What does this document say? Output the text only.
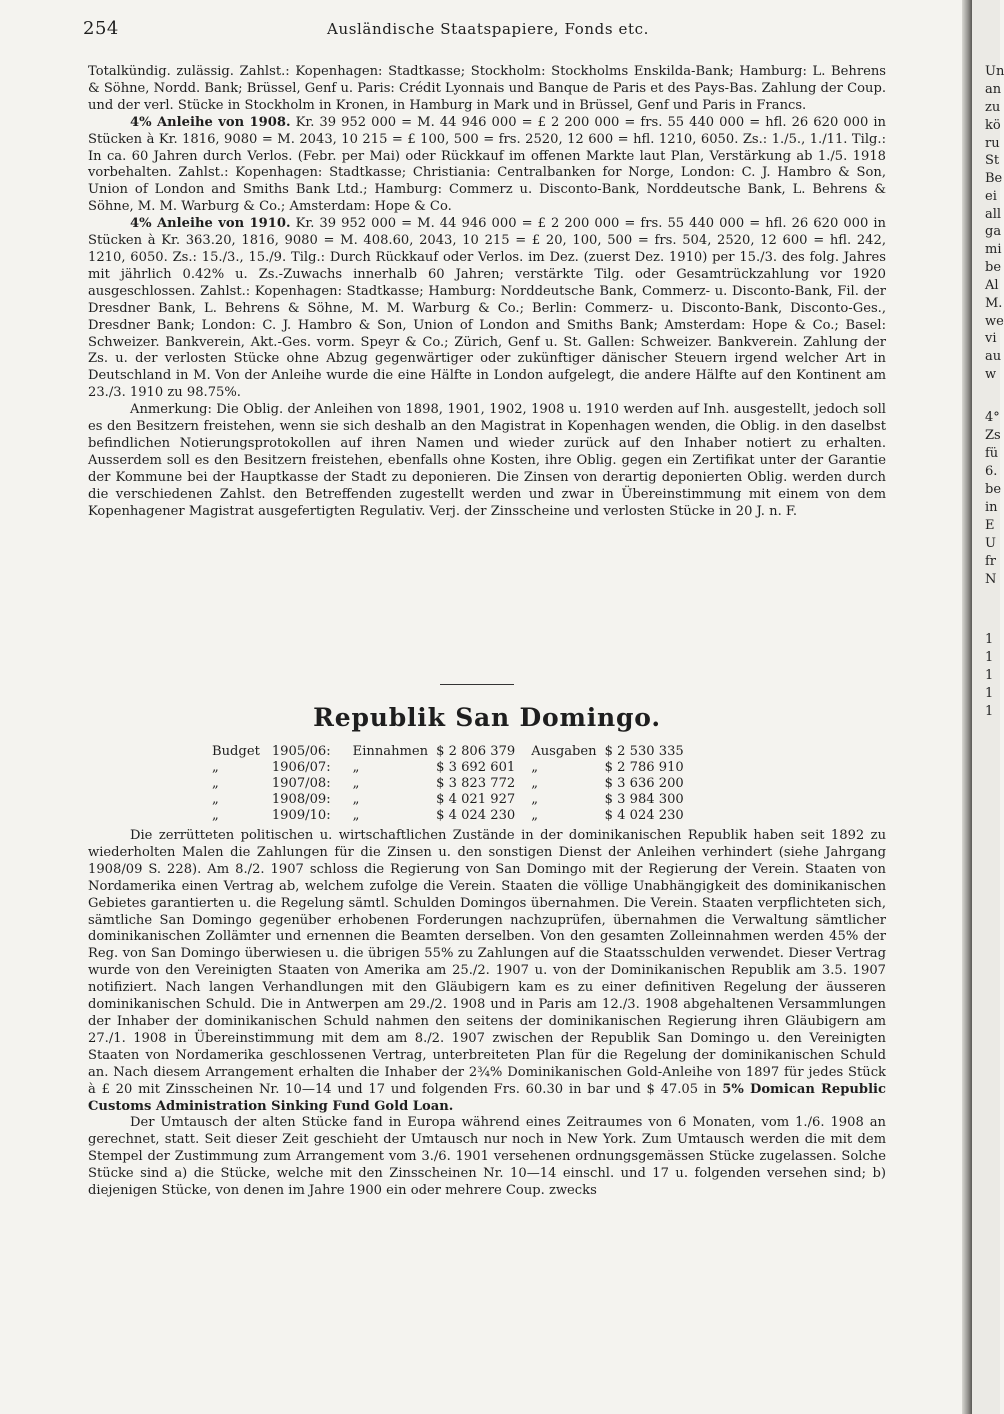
254	Ausländische Staatspapiere, Fonds etc.

Totalkündig. zulässig. Zahlst.: Kopenhagen: Stadtkasse; Stockholm: Stockholms Enskilda-Bank; Hamburg: L. Behrens & Söhne, Nordd. Bank; Brüssel, Genf u. Paris: Crédit Lyonnais und Banque de Paris et des Pays-Bas. Zahlung der Coup. und der verl. Stücke in Stockholm in Kronen, in Hamburg in Mark und in Brüssel, Genf und Paris in Francs.

4% Anleihe von 1908. Kr. 39 952 000 = M. 44 946 000 = £ 2 200 000 = frs. 55 440 000 = hfl. 26 620 000 in Stücken à Kr. 1816, 9080 = M. 2043, 10 215 = £ 100, 500 = frs. 2520, 12 600 = hfl. 1210, 6050. Zs.: 1./5., 1./11. Tilg.: In ca. 60 Jahren durch Verlos. (Febr. per Mai) oder Rückkauf im offenen Markte laut Plan, Verstärkung ab 1./5. 1918 vorbehalten. Zahlst.: Kopenhagen: Stadtkasse; Christiania: Centralbanken for Norge, London: C. J. Hambro & Son, Union of London and Smiths Bank Ltd.; Hamburg: Commerz u. Disconto-Bank, Norddeutsche Bank, L. Behrens & Söhne, M. M. Warburg & Co.; Amsterdam: Hope & Co.

4% Anleihe von 1910. Kr. 39 952 000 = M. 44 946 000 = £ 2 200 000 = frs. 55 440 000 = hfl. 26 620 000 in Stücken à Kr. 363.20, 1816, 9080 = M. 408.60, 2043, 10 215 = £ 20, 100, 500 = frs. 504, 2520, 12 600 = hfl. 242, 1210, 6050. Zs.: 15./3., 15./9. Tilg.: Durch Rückkauf oder Verlos. im Dez. (zuerst Dez. 1910) per 15./3. des folg. Jahres mit jährlich 0.42% u. Zs.-Zuwachs innerhalb 60 Jahren; verstärkte Tilg. oder Gesamtrückzahlung vor 1920 ausgeschlossen. Zahlst.: Kopenhagen: Stadtkasse; Hamburg: Norddeutsche Bank, Commerz- u. Disconto-Bank, Fil. der Dresdner Bank, L. Behrens & Söhne, M. M. Warburg & Co.; Berlin: Commerz- u. Disconto-Bank, Disconto-Ges., Dresdner Bank; London: C. J. Hambro & Son, Union of London and Smiths Bank; Amsterdam: Hope & Co.; Basel: Schweizer. Bankverein, Akt.-Ges. vorm. Speyr & Co.; Zürich, Genf u. St. Gallen: Schweizer. Bankverein. Zahlung der Zs. u. der verlosten Stücke ohne Abzug gegenwärtiger oder zukünftiger dänischer Steuern irgend welcher Art in Deutschland in M. Von der Anleihe wurde die eine Hälfte in London aufgelegt, die andere Hälfte auf den Kontinent am 23./3. 1910 zu 98.75%.

Anmerkung: Die Oblig. der Anleihen von 1898, 1901, 1902, 1908 u. 1910 werden auf Inh. ausgestellt, jedoch soll es den Besitzern freistehen, wenn sie sich deshalb an den Magistrat in Kopenhagen wenden, die Oblig. in den daselbst befindlichen Notierungsprotokollen auf ihren Namen und wieder zurück auf den Inhaber notiert zu erhalten. Ausserdem soll es den Besitzern freistehen, ebenfalls ohne Kosten, ihre Oblig. gegen ein Zertifikat unter der Garantie der Kommune bei der Hauptkasse der Stadt zu deponieren. Die Zinsen von derartig deponierten Oblig. werden durch die verschiedenen Zahlst. den Betreffenden zugestellt werden und zwar in Übereinstimmung mit einem von dem Kopenhagener Magistrat ausgefertigten Regulativ. Verj. der Zinsscheine und verlosten Stücke in 20 J. n. F.

Republik San Domingo.
Budget	1905/06:	Einnahmen	$ 2 806 379	Ausgaben	$ 2 530 335
„	1906/07:	„	$ 3 692 601	„	$ 2 786 910
„	1907/08:	„	$ 3 823 772	„	$ 3 636 200
„	1908/09:	„	$ 4 021 927	„	$ 3 984 300
„	1909/10:	„	$ 4 024 230	„	$ 4 024 230

Die zerrütteten politischen u. wirtschaftlichen Zustände in der dominikanischen Republik haben seit 1892 zu wiederholten Malen die Zahlungen für die Zinsen u. den sonstigen Dienst der Anleihen verhindert (siehe Jahrgang 1908/09 S. 228). Am 8./2. 1907 schloss die Regierung von San Domingo mit der Regierung der Verein. Staaten von Nordamerika einen Vertrag ab, welchem zufolge die Verein. Staaten die völlige Unabhängigkeit des dominikanischen Gebietes garantierten u. die Regelung sämtl. Schulden Domingos übernahmen. Die Verein. Staaten verpflichteten sich, sämtliche San Domingo gegenüber erhobenen Forderungen nachzuprüfen, übernahmen die Verwaltung sämtlicher dominikanischen Zollämter und ernennen die Beamten derselben. Von den gesamten Zolleinnahmen werden 45% der Reg. von San Domingo überwiesen u. die übrigen 55% zu Zahlungen auf die Staatsschulden verwendet. Dieser Vertrag wurde von den Vereinigten Staaten von Amerika am 25./2. 1907 u. von der Dominikanischen Republik am 3.5. 1907 notifiziert. Nach langen Verhandlungen mit den Gläubigern kam es zu einer definitiven Regelung der äusseren dominikanischen Schuld. Die in Antwerpen am 29./2. 1908 und in Paris am 12./3. 1908 abgehaltenen Versammlungen der Inhaber der dominikanischen Schuld nahmen den seitens der dominikanischen Regierung ihren Gläubigern am 27./1. 1908 in Übereinstimmung mit dem am 8./2. 1907 zwischen der Republik San Domingo u. den Vereinigten Staaten von Nordamerika geschlossenen Vertrag, unterbreiteten Plan für die Regelung der dominikanischen Schuld an. Nach diesem Arrangement erhalten die Inhaber der 2¾% Dominikanischen Gold-Anleihe von 1897 für jedes Stück à £ 20 mit Zinsscheinen Nr. 10—14 und 17 und folgenden Frs. 60.30 in bar und $ 47.05 in 5% Domican Republic Customs Administration Sinking Fund Gold Loan.

Der Umtausch der alten Stücke fand in Europa während eines Zeitraumes von 6 Monaten, vom 1./6. 1908 an gerechnet, statt. Seit dieser Zeit geschieht der Umtausch nur noch in New York. Zum Umtausch werden die mit dem Stempel der Zustimmung zum Arrangement vom 3./6. 1901 versehenen ordnungsgemässen Stücke zugelassen. Solche Stücke sind a) die Stücke, welche mit den Zinsscheinen Nr. 10—14 einschl. und 17 u. folgenden versehen sind; b) diejenigen Stücke, von denen im Jahre 1900 ein oder mehrere Coup. zwecks

Un
an
zu
kö
ru
St
Be
ei
all
ga
mi
be
Al
M.
we
vi
au
w
4°
Zs
fü
6.
be
in
E
U
fr
N
1
1
1
1
1
